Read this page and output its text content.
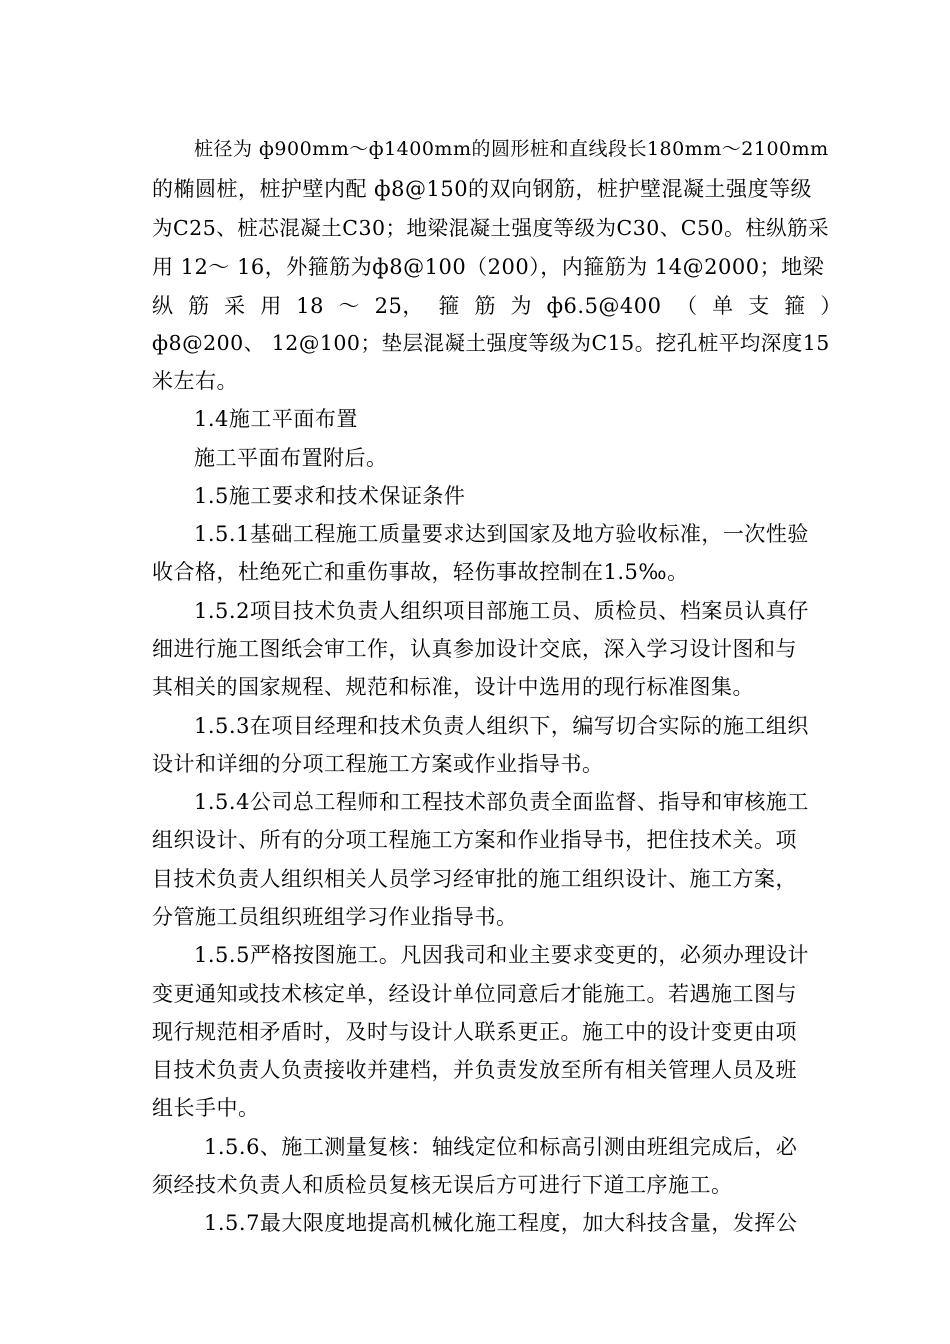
桩径为 ф900mm～ф1400mm的圆形桩和直线段长180mm～2100mm
的椭圆桩，桩护壁内配 ф8@150的双向钢筋，桩护壁混凝土强度等级
为C25、桩芯混凝土C30；地梁混凝土强度等级为C30、C50。柱纵筋采
用 12～ 16，外箍筋为ф8@100（200），内箍筋为 14@2000；地梁
纵 筋 采 用 18 ～ 25， 箍 筋 为 ф6.5@400 （ 单 支 箍 ）
ф8@200、 12@100；垫层混凝土强度等级为C15。挖孔桩平均深度15
米左右。
1.4施工平面布置
施工平面布置附后。
1.5施工要求和技术保证条件
1.5.1基础工程施工质量要求达到国家及地方验收标准，一次性验
收合格，杜绝死亡和重伤事故，轻伤事故控制在1.5‰。
1.5.2项目技术负责人组织项目部施工员、质检员、档案员认真仔
细进行施工图纸会审工作，认真参加设计交底，深入学习设计图和与
其相关的国家规程、规范和标准，设计中选用的现行标准图集。
1.5.3在项目经理和技术负责人组织下，编写切合实际的施工组织
设计和详细的分项工程施工方案或作业指导书。
1.5.4公司总工程师和工程技术部负责全面监督、指导和审核施工
组织设计、所有的分项工程施工方案和作业指导书，把住技术关。项
目技术负责人组织相关人员学习经审批的施工组织设计、施工方案，
分管施工员组织班组学习作业指导书。
1.5.5严格按图施工。凡因我司和业主要求变更的，必须办理设计
变更通知或技术核定单，经设计单位同意后才能施工。若遇施工图与
现行规范相矛盾时，及时与设计人联系更正。施工中的设计变更由项
目技术负责人负责接收并建档，并负责发放至所有相关管理人员及班
组长手中。
1.5.6、施工测量复核：轴线定位和标高引测由班组完成后，必
须经技术负责人和质检员复核无误后方可进行下道工序施工。
1.5.7最大限度地提高机械化施工程度，加大科技含量，发挥公
